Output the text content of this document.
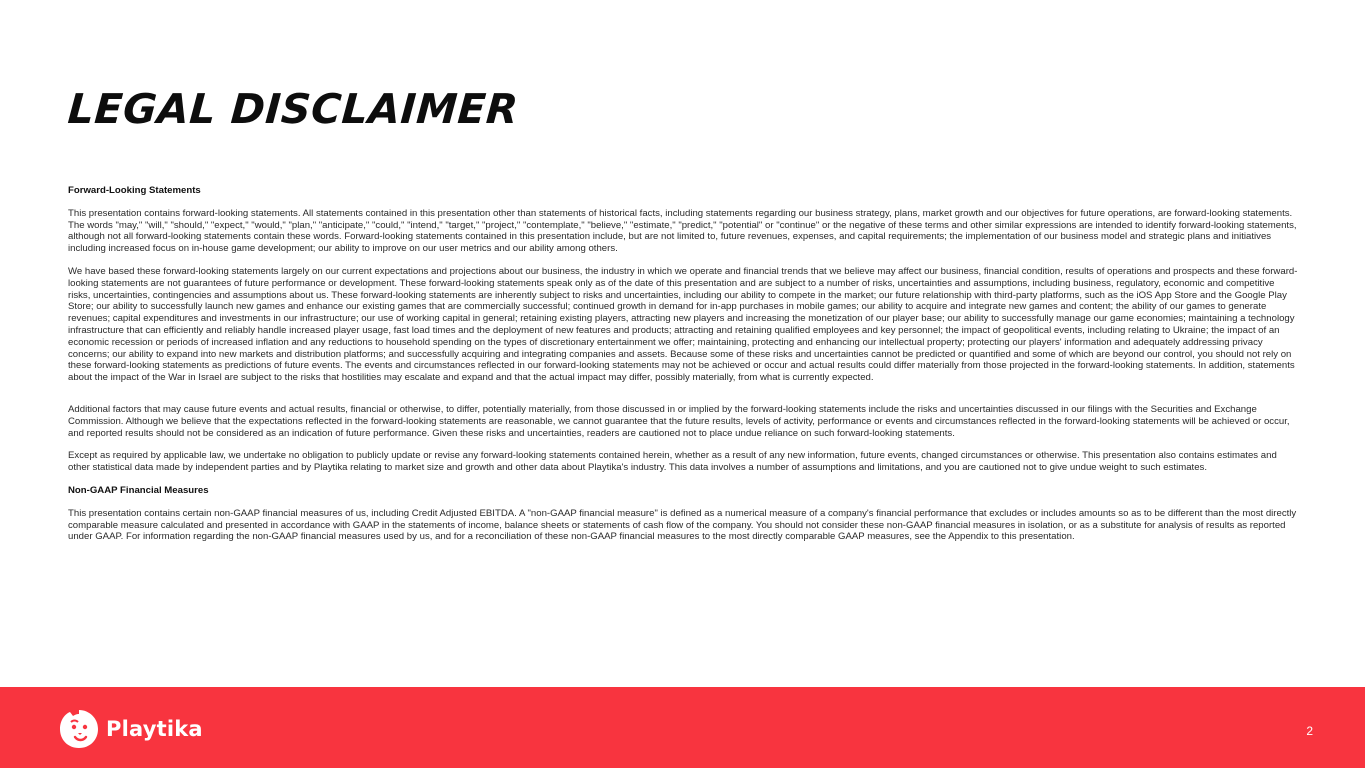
LEGAL DISCLAIMER
Forward-Looking Statements

This presentation contains forward-looking statements. All statements contained in this presentation other than statements of historical facts, including statements regarding our business strategy, plans, market growth and our objectives for future operations, are forward-looking statements. The words "may," "will," "should," "expect," "would," "plan," "anticipate," "could," "intend," "target," "project," "contemplate," "believe," "estimate," "predict," "potential" or "continue" or the negative of these terms and other similar expressions are intended to identify forward-looking statements, although not all forward-looking statements contain these words. Forward-looking statements contained in this presentation include, but are not limited to, future revenues, expenses, and capital requirements; the implementation of our business model and strategic plans and initiatives including increased focus on in-house game development; our ability to improve on our user metrics and our ability among others.

We have based these forward-looking statements largely on our current expectations and projections about our business, the industry in which we operate and financial trends that we believe may affect our business, financial condition, results of operations and prospects and these forward-looking statements are not guarantees of future performance or development. These forward-looking statements speak only as of the date of this presentation and are subject to a number of risks, uncertainties and assumptions, including business, regulatory, economic and competitive risks, uncertainties, contingencies and assumptions about us. These forward-looking statements are inherently subject to risks and uncertainties, including our ability to compete in the market; our future relationship with third-party platforms, such as the iOS App Store and the Google Play Store; our ability to successfully launch new games and enhance our existing games that are commercially successful; continued growth in demand for in-app purchases in mobile games; our ability to acquire and integrate new games and content; the ability of our games to generate revenues; capital expenditures and investments in our infrastructure; our use of working capital in general; retaining existing players, attracting new players and increasing the monetization of our player base; our ability to successfully manage our game economies; maintaining a technology infrastructure that can efficiently and reliably handle increased player usage, fast load times and the deployment of new features and products; attracting and retaining qualified employees and key personnel; the impact of geopolitical events, including relating to Ukraine; the impact of an economic recession or periods of increased inflation and any reductions to household spending on the types of discretionary entertainment we offer; maintaining, protecting and enhancing our intellectual property; protecting our players' information and adequately addressing privacy concerns; our ability to expand into new markets and distribution platforms; and successfully acquiring and integrating companies and assets. Because some of these risks and uncertainties cannot be predicted or quantified and some of which are beyond our control, you should not rely on these forward-looking statements as predictions of future events. The events and circumstances reflected in our forward-looking statements may not be achieved or occur and actual results could differ materially from those projected in the forward-looking statements. In addition, statements about the impact of the War in Israel are subject to the risks that hostilities may escalate and expand and that the actual impact may differ, possibly materially, from what is currently expected.

Additional factors that may cause future events and actual results, financial or otherwise, to differ, potentially materially, from those discussed in or implied by the forward-looking statements include the risks and uncertainties discussed in our filings with the Securities and Exchange Commission. Although we believe that the expectations reflected in the forward-looking statements are reasonable, we cannot guarantee that the future results, levels of activity, performance or events and circumstances reflected in the forward-looking statements will be achieved or occur, and reported results should not be considered as an indication of future performance. Given these risks and uncertainties, readers are cautioned not to place undue reliance on such forward-looking statements.

Except as required by applicable law, we undertake no obligation to publicly update or revise any forward-looking statements contained herein, whether as a result of any new information, future events, changed circumstances or otherwise. This presentation also contains estimates and other statistical data made by independent parties and by Playtika relating to market size and growth and other data about Playtika's industry. This data involves a number of assumptions and limitations, and you are cautioned not to give undue weight to such estimates.

Non-GAAP Financial Measures

This presentation contains certain non-GAAP financial measures of us, including Credit Adjusted EBITDA. A "non-GAAP financial measure" is defined as a numerical measure of a company's financial performance that excludes or includes amounts so as to be different than the most directly comparable measure calculated and presented in accordance with GAAP in the statements of income, balance sheets or statements of cash flow of the company. You should not consider these non-GAAP financial measures in isolation, or as a substitute for analysis of results as reported under GAAP. For information regarding the non-GAAP financial measures used by us, and for a reconciliation of these non-GAAP financial measures to the most directly comparable GAAP measures, see the Appendix to this presentation.

Playtika	2
